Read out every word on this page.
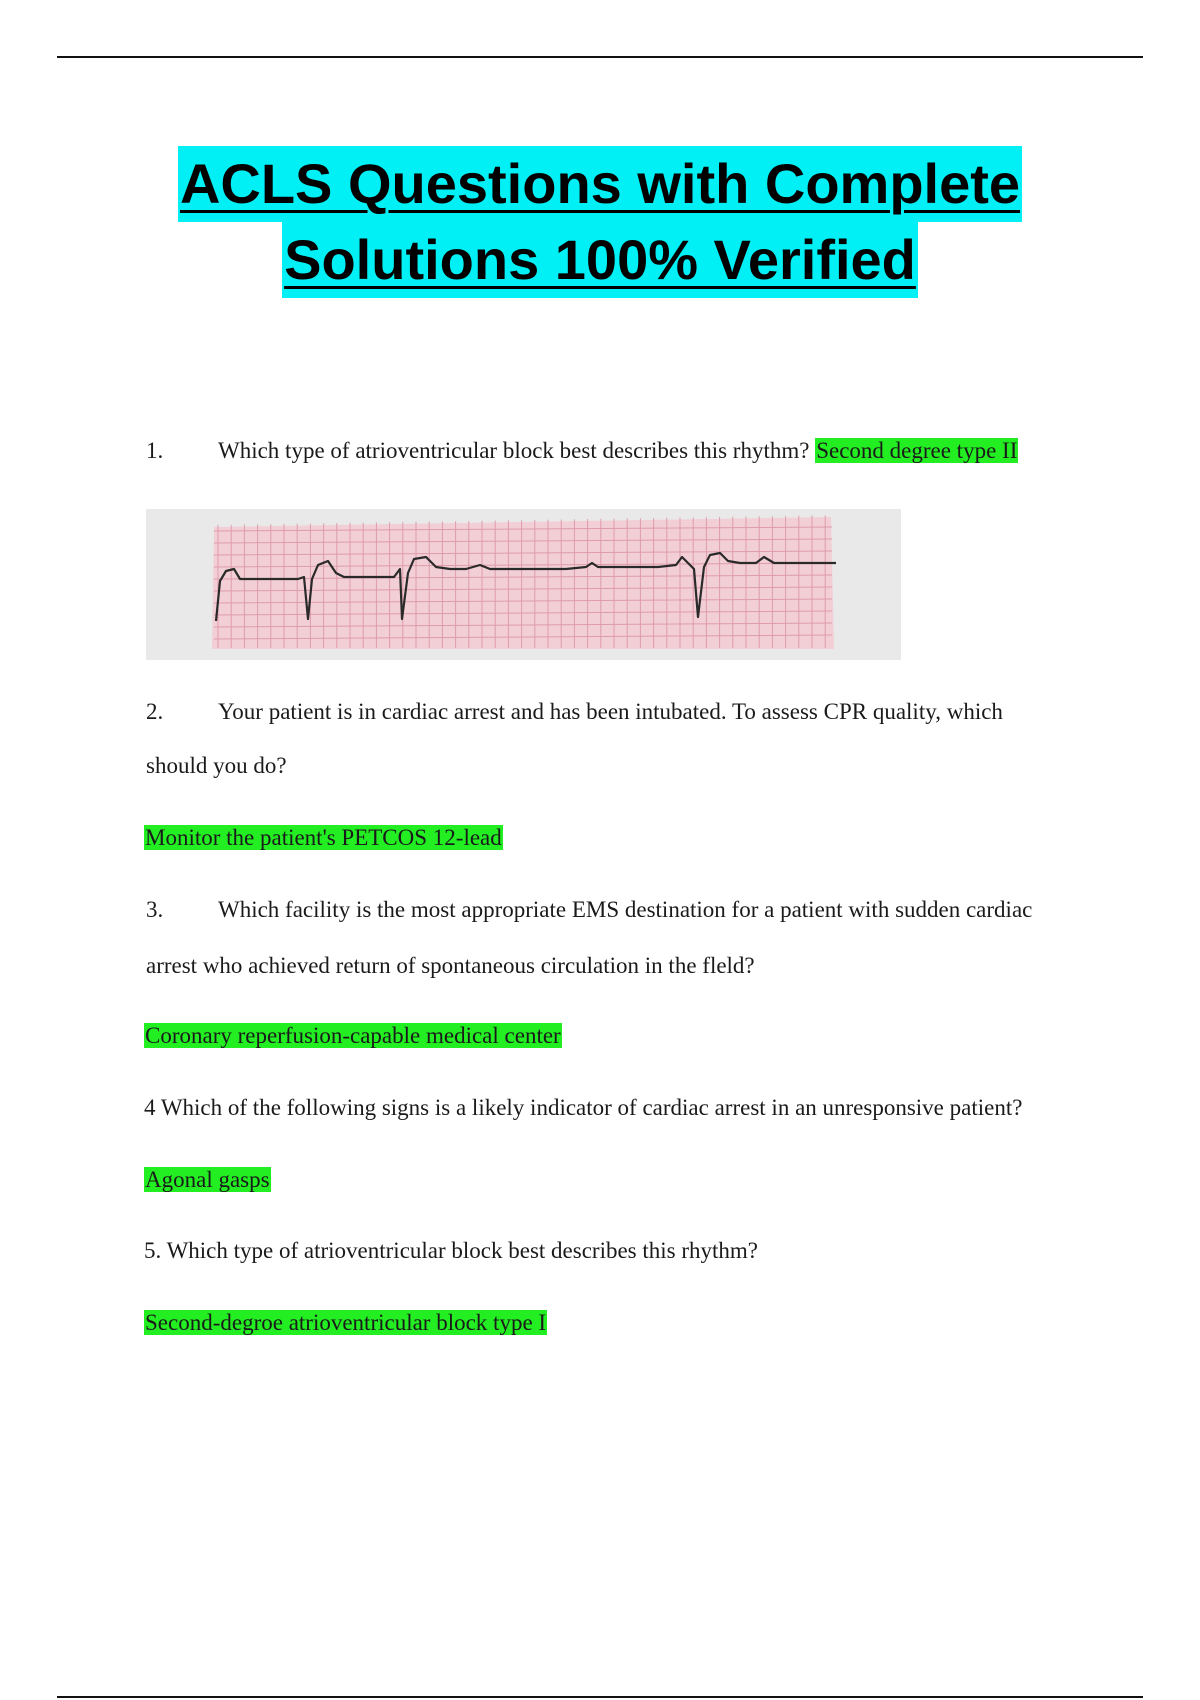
ACLS Questions with Complete
Solutions 100% Verified

1. Which type of atrioventricular block best describes this rhythm? Second degree type II

2. Your patient is in cardiac arrest and has been intubated. To assess CPR quality, which

should you do?

Monitor the patient's PETCOS 12-lead

3. Which facility is the most appropriate EMS destination for a patient with sudden cardiac

arrest who achieved return of spontaneous circulation in the fleld?

Coronary reperfusion-capable medical center

4 Which of the following signs is a likely indicator of cardiac arrest in an unresponsive patient?

Agonal gasps

5. Which type of atrioventricular block best describes this rhythm?

Second-degroe atrioventricular block type I
